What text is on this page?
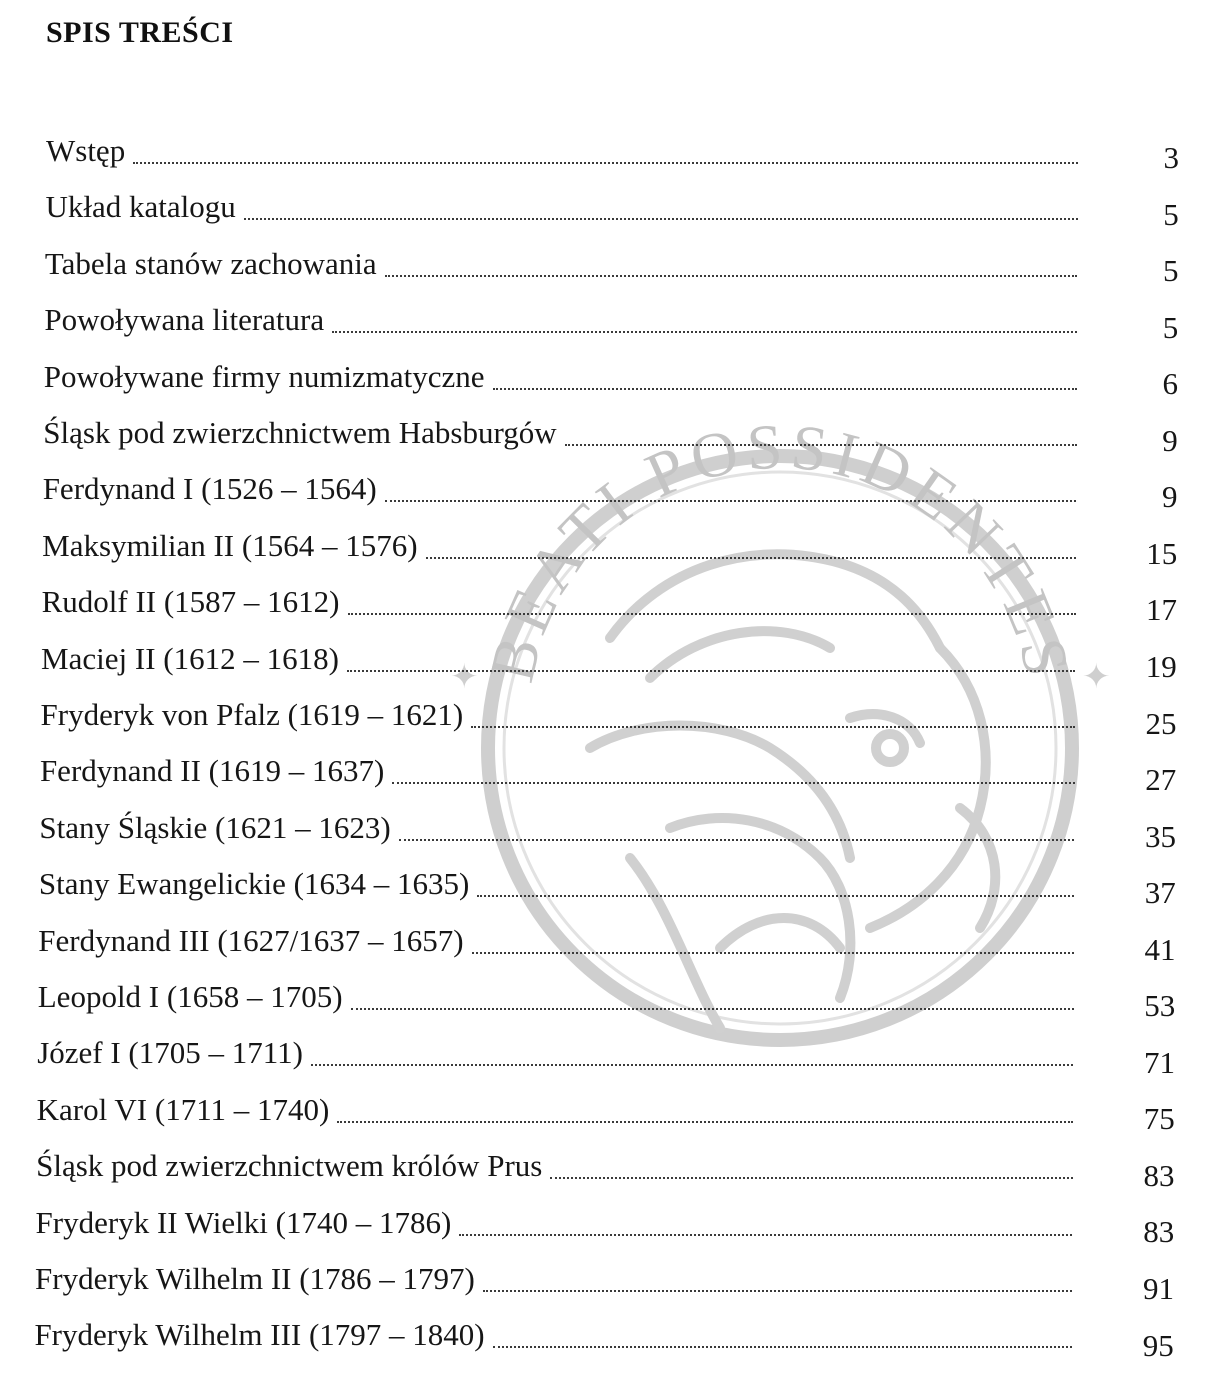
BEATI POSSIDENTES
✦	✦
SPIS TREŚCI
Wstęp	3
Układ katalogu	5
Tabela stanów zachowania	5
Powoływana literatura	5
Powoływane firmy numizmatyczne	6
Śląsk pod zwierzchnictwem Habsburgów	9
Ferdynand I (1526 – 1564)	9
Maksymilian II (1564 – 1576)	15
Rudolf II (1587 – 1612)	17
Maciej II (1612 – 1618)	19
Fryderyk von Pfalz (1619 – 1621)	25
Ferdynand II (1619 – 1637)	27
Stany Śląskie (1621 – 1623)	35
Stany Ewangelickie (1634 – 1635)	37
Ferdynand III (1627/1637 – 1657)	41
Leopold I (1658 – 1705)	53
Józef I (1705 – 1711)	71
Karol VI (1711 – 1740)	75
Śląsk pod zwierzchnictwem królów Prus	83
Fryderyk II Wielki (1740 – 1786)	83
Fryderyk Wilhelm II (1786 – 1797)	91
Fryderyk Wilhelm III (1797 – 1840)	95
